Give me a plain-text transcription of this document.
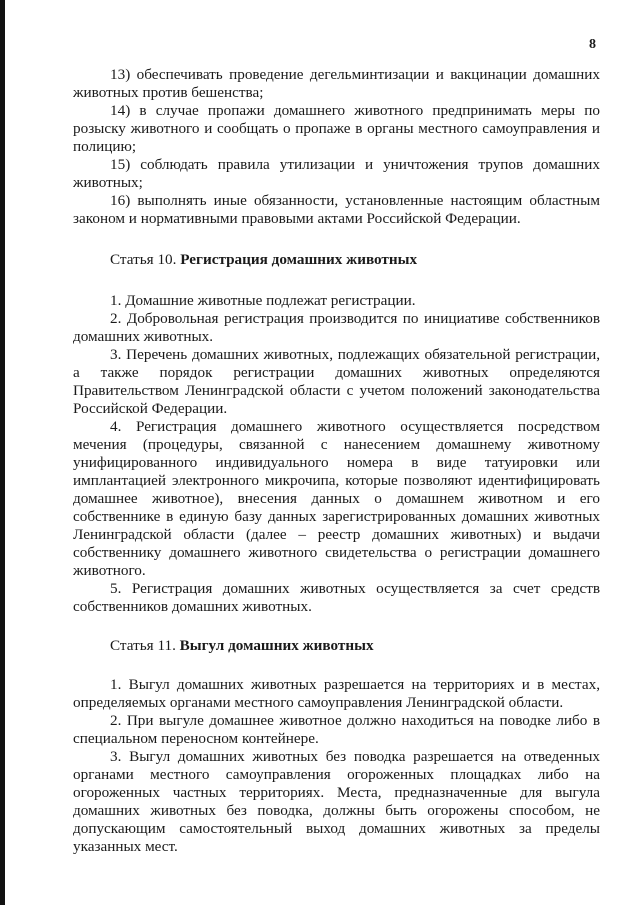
8

13) обеспечивать проведение дегельминтизации и вакцинации домашних животных против бешенства;

14) в случае пропажи домашнего животного предпринимать меры по розыску животного и сообщать о пропаже в органы местного самоуправления и полицию;

15) соблюдать правила утилизации и уничтожения трупов домашних животных;

16) выполнять иные обязанности, установленные настоящим областным законом и нормативными правовыми актами Российской Федерации.

Статья 10. Регистрация домашних животных

1. Домашние животные подлежат регистрации.

2. Добровольная регистрация производится по инициативе собственников домашних животных.

3. Перечень домашних животных, подлежащих обязательной регистрации, а также порядок регистрации домашних животных определяются Правительством Ленинградской области с учетом положений законодательства Российской Федерации.

4. Регистрация домашнего животного осуществляется посредством мечения (процедуры, связанной с нанесением домашнему животному унифицированного индивидуального номера в виде татуировки или имплантацией электронного микрочипа, которые позволяют идентифицировать домашнее животное), внесения данных о домашнем животном и его собственнике в единую базу данных зарегистрированных домашних животных Ленинградской области (далее – реестр домашних животных) и выдачи собственнику домашнего животного свидетельства о регистрации домашнего животного.

5. Регистрация домашних животных осуществляется за счет средств собственников домашних животных.

Статья 11. Выгул домашних животных

1. Выгул домашних животных разрешается на территориях и в местах, определяемых органами местного самоуправления Ленинградской области.

2. При выгуле домашнее животное должно находиться на поводке либо в специальном переносном контейнере.

3. Выгул домашних животных без поводка разрешается на отведенных органами местного самоуправления огороженных площадках либо на огороженных частных территориях. Места, предназначенные для выгула домашних животных без поводка, должны быть огорожены способом, не допускающим самостоятельный выход домашних животных за пределы указанных мест.
